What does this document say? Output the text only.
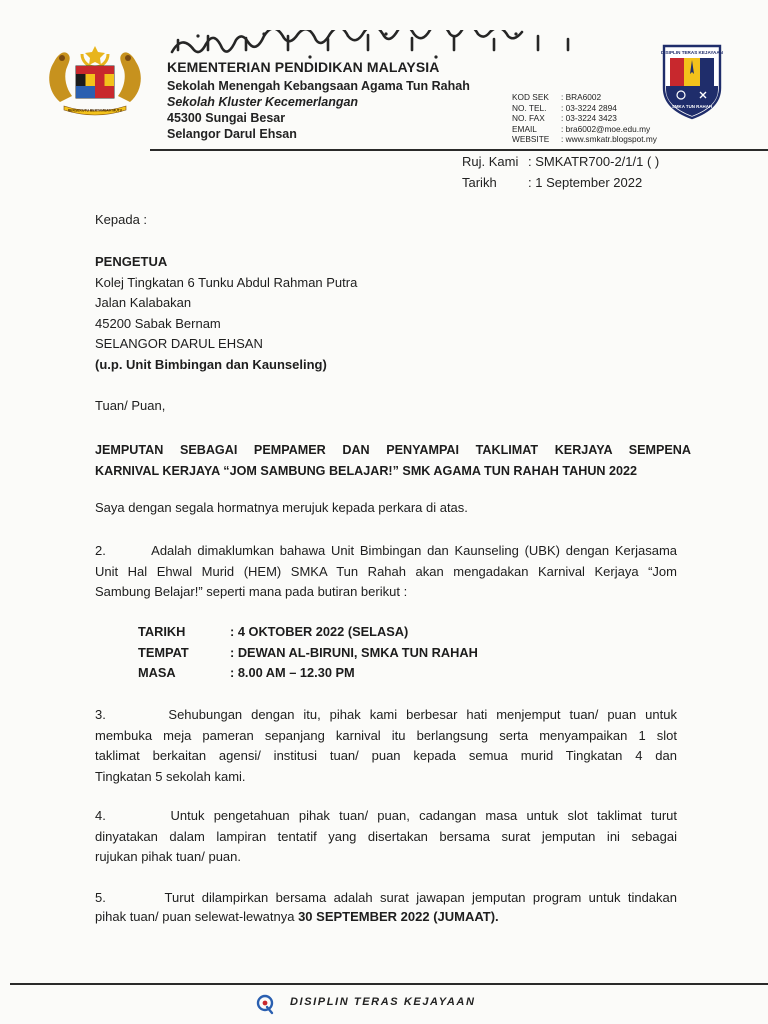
BERSEKUTU BERTAMBAH MUTU
KEMENTERIAN PENDIDIKAN MALAYSIA
Sekolah Menengah Kebangsaan Agama Tun Rahah
Sekolah Kluster Kecemerlangan
45300 Sungai Besar
Selangor Darul Ehsan
KOD SEK	: BRA6002
NO. TEL.	: 03-3224 2894
NO. FAX	: 03-3224 3423
EMAIL	: bra6002@moe.edu.my
WEBSITE	: www.smkatr.blogspot.my
DISIPLIN TERAS KEJAYAAN
SMKA TUN RAHAH
Ruj. Kami : SMKATR700-2/1/1 ( )
Tarikh : 1 September 2022
Kepada :
PENGETUA
Kolej Tingkatan 6 Tunku Abdul Rahman Putra
Jalan Kalabakan
45200 Sabak Bernam
SELANGOR DARUL EHSAN
(u.p. Unit Bimbingan dan Kaunseling)
Tuan/ Puan,
JEMPUTAN SEBAGAI PEMPAMER DAN PENYAMPAI TAKLIMAT KERJAYA SEMPENA
KARNIVAL KERJAYA “JOM SAMBUNG BELAJAR!” SMK AGAMA TUN RAHAH TAHUN 2022
Saya dengan segala hormatnya merujuk kepada perkara di atas.
2.        Adalah dimaklumkan bahawa Unit Bimbingan dan Kaunseling (UBK) dengan Kerjasama
Unit Hal Ehwal Murid (HEM) SMKA Tun Rahah akan mengadakan Karnival Kerjaya “Jom
Sambung Belajar!” seperti mana pada butiran berikut :
TARIKH	: 4 OKTOBER 2022 (SELASA)
TEMPAT	: DEWAN AL-BIRUNI, SMKA TUN RAHAH
MASA	: 8.00 AM – 12.30 PM
3.       Sehubungan dengan itu, pihak kami berbesar hati menjemput tuan/ puan untuk
membuka meja pameran sepanjang karnival itu berlangsung serta menyampaikan 1 slot
taklimat berkaitan agensi/ institusi tuan/ puan kepada semua murid Tingkatan 4 dan
Tingkatan 5 sekolah kami.
4.       Untuk pengetahuan pihak tuan/ puan, cadangan masa untuk slot taklimat turut
dinyatakan dalam lampiran tentatif yang disertakan bersama surat jemputan ini sebagai
rujukan pihak tuan/ puan.
5.        Turut dilampirkan bersama adalah surat jawapan jemputan program untuk tindakan
pihak tuan/ puan selewat-lewatnya 30 SEPTEMBER 2022 (JUMAAT).
DISIPLIN TERAS KEJAYAAN
